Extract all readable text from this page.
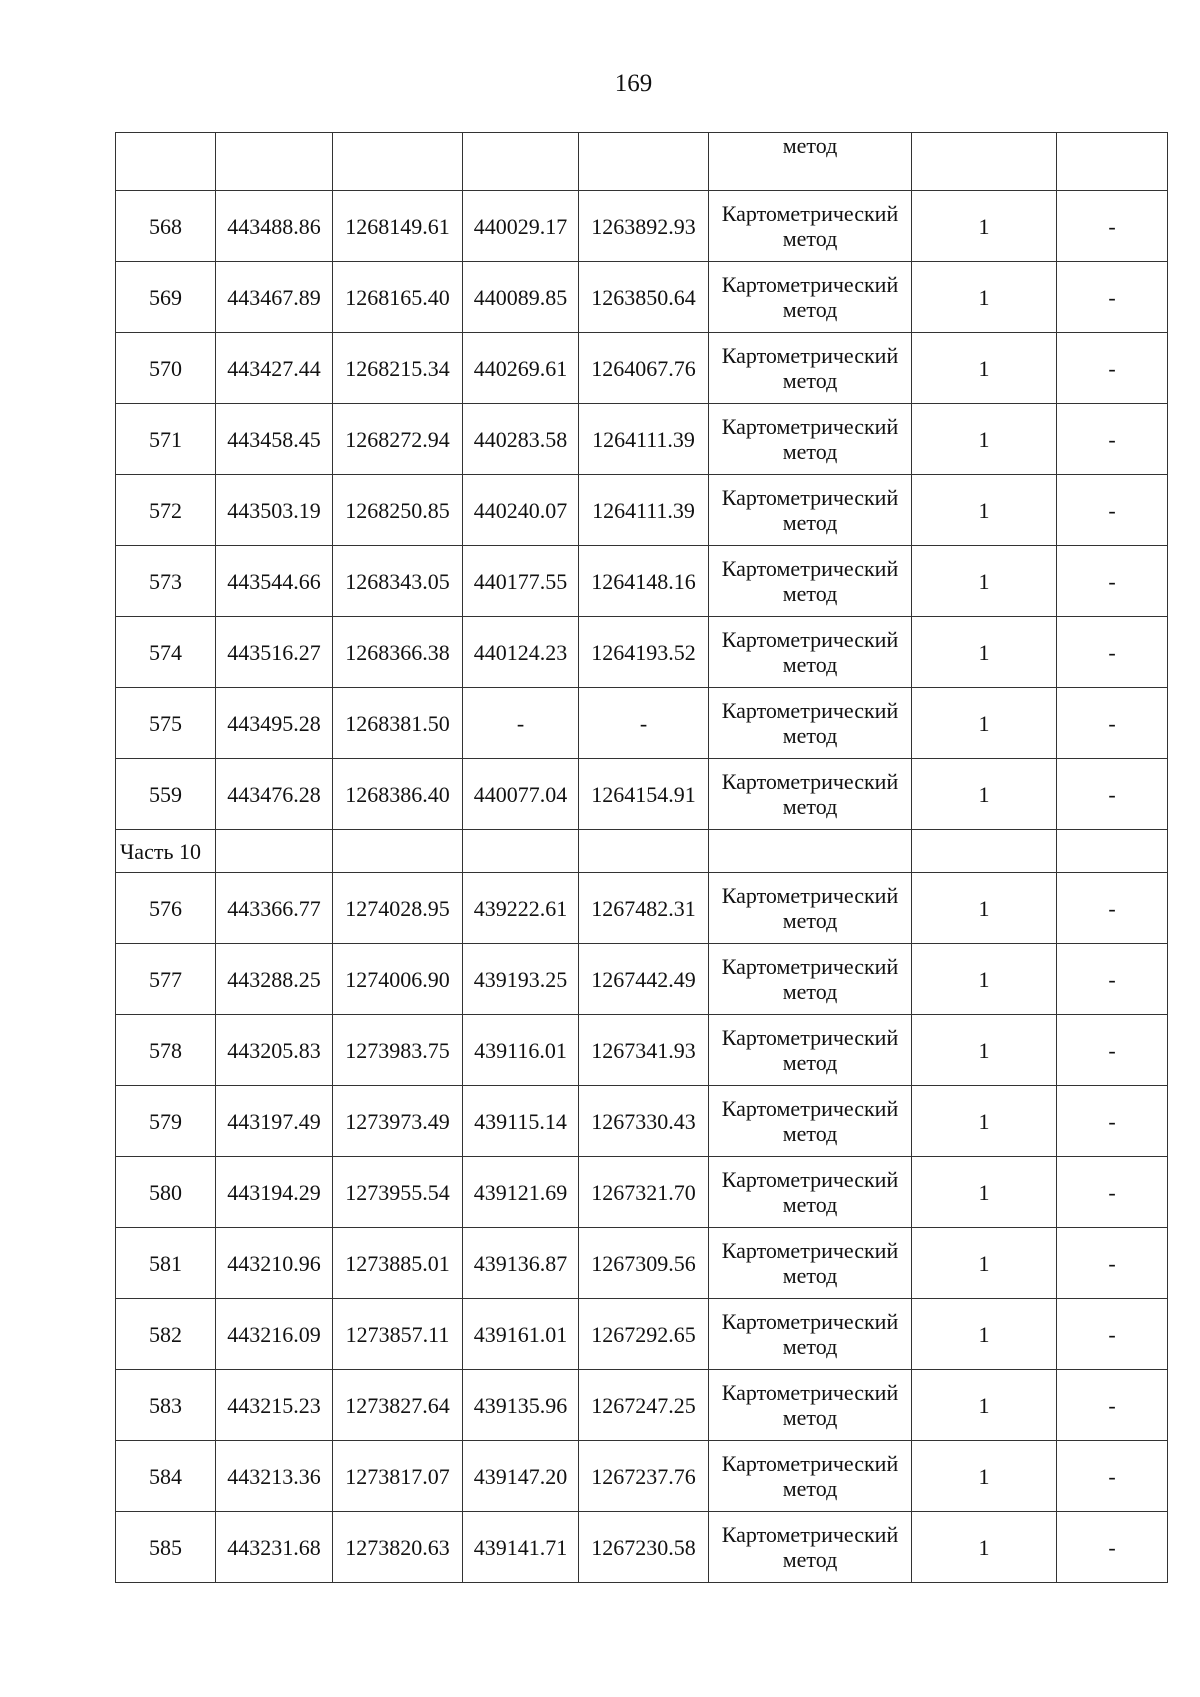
169
					метод		
568	443488.86	1268149.61	440029.17	1263892.93	Картометрический
метод	1	-
569	443467.89	1268165.40	440089.85	1263850.64	Картометрический
метод	1	-
570	443427.44	1268215.34	440269.61	1264067.76	Картометрический
метод	1	-
571	443458.45	1268272.94	440283.58	1264111.39	Картометрический
метод	1	-
572	443503.19	1268250.85	440240.07	1264111.39	Картометрический
метод	1	-
573	443544.66	1268343.05	440177.55	1264148.16	Картометрический
метод	1	-
574	443516.27	1268366.38	440124.23	1264193.52	Картометрический
метод	1	-
575	443495.28	1268381.50	-	-	Картометрический
метод	1	-
559	443476.28	1268386.40	440077.04	1264154.91	Картометрический
метод	1	-
Часть 10							
576	443366.77	1274028.95	439222.61	1267482.31	Картометрический
метод	1	-
577	443288.25	1274006.90	439193.25	1267442.49	Картометрический
метод	1	-
578	443205.83	1273983.75	439116.01	1267341.93	Картометрический
метод	1	-
579	443197.49	1273973.49	439115.14	1267330.43	Картометрический
метод	1	-
580	443194.29	1273955.54	439121.69	1267321.70	Картометрический
метод	1	-
581	443210.96	1273885.01	439136.87	1267309.56	Картометрический
метод	1	-
582	443216.09	1273857.11	439161.01	1267292.65	Картометрический
метод	1	-
583	443215.23	1273827.64	439135.96	1267247.25	Картометрический
метод	1	-
584	443213.36	1273817.07	439147.20	1267237.76	Картометрический
метод	1	-
585	443231.68	1273820.63	439141.71	1267230.58	Картометрический
метод	1	-
